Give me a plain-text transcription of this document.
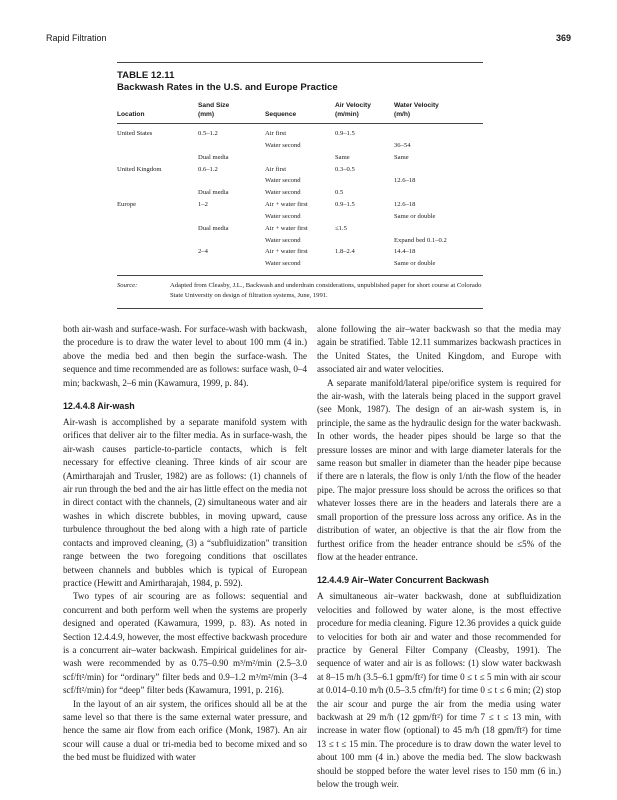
Rapid Filtration	369
TABLE 12.11
Backwash Rates in the U.S. and Europe Practice
	Sand Size		Air Velocity	Water Velocity
Location	(mm)	Sequence	(m/min)	(m/h)
United States	0.5–1.2	Air first	0.9–1.5	
		Water second		36–54
	Dual media		Same	Same
United Kingdom	0.6–1.2	Air first	0.3–0.5	
		Water second		12.6–18
	Dual media	Water second	0.5	
Europe	1–2	Air + water first	0.9–1.5	12.6–18
		Water second		Same or double
	Dual media	Air + water first	≤1.5	
		Water second		Expand bed 0.1–0.2
	2–4	Air + water first	1.8–2.4	14.4–18
		Water second		Same or double
Source:	Adapted from Cleasby, J.L., Backwash and underdrain considerations, unpublished paper for short course at Colorado State University on design of filtration systems, June, 1991.

both air-wash and surface-wash. For surface-wash with backwash, the procedure is to draw the water level to about 100 mm (4 in.) above the media bed and then begin the surface-wash. The sequence and time recommended are as follows: surface wash, 0–4 min; backwash, 2–6 min (Kawamura, 1999, p. 84).

12.4.4.8 Air-wash

Air-wash is accomplished by a separate manifold system with orifices that deliver air to the filter media. As in surface-wash, the air-wash causes particle-to-particle contacts, which is felt necessary for effective cleaning. Three kinds of air scour are (Amirtharajah and Trusler, 1982) are as follows: (1) channels of air run through the bed and the air has little effect on the media not in direct contact with the channels, (2) simultaneous water and air washes in which discrete bubbles, in moving upward, cause turbulence throughout the bed along with a high rate of particle contacts and improved cleaning, (3) a “subfluidization” transition range between the two foregoing conditions that oscillates between channels and bubbles which is typical of European practice (Hewitt and Amirtharajah, 1984, p. 592).

Two types of air scouring are as follows: sequential and concurrent and both perform well when the systems are properly designed and operated (Kawamura, 1999, p. 83). As noted in Section 12.4.4.9, however, the most effective backwash procedure is a concurrent air–water backwash. Empirical guidelines for air-wash were recommended by as 0.75–0.90 m³/m²/min (2.5–3.0 scf/ft²/min) for “ordinary” filter beds and 0.9–1.2 m³/m²/min (3–4 scf/ft²/min) for “deep” filter beds (Kawamura, 1991, p. 216).

In the layout of an air system, the orifices should all be at the same level so that there is the same external water pressure, and hence the same air flow from each orifice (Monk, 1987). An air scour will cause a dual or tri-media bed to become mixed and so the bed must be fluidized with water

alone following the air–water backwash so that the media may again be stratified. Table 12.11 summarizes backwash practices in the United States, the United Kingdom, and Europe with associated air and water velocities.

A separate manifold/lateral pipe/orifice system is required for the air-wash, with the laterals being placed in the support gravel (see Monk, 1987). The design of an air-wash system is, in principle, the same as the hydraulic design for the water backwash. In other words, the header pipes should be large so that the pressure losses are minor and with large diameter laterals for the same reason but smaller in diameter than the header pipe because if there are n laterals, the flow is only 1/nth the flow of the header pipe. The major pressure loss should be across the orifices so that whatever losses there are in the headers and laterals there are a small proportion of the pressure loss across any orifice. As in the distribution of water, an objective is that the air flow from the furthest orifice from the header entrance should be ≤5% of the flow at the header entrance.

12.4.4.9 Air–Water Concurrent Backwash

A simultaneous air–water backwash, done at subfluidization velocities and followed by water alone, is the most effective procedure for media cleaning. Figure 12.36 provides a quick guide to velocities for both air and water and those recommended for practice by General Filter Company (Cleasby, 1991). The sequence of water and air is as follows: (1) slow water backwash at 8–15 m/h (3.5–6.1 gpm/ft²) for time 0 ≤ t ≤ 5 min with air scour at 0.014–0.10 m/h (0.5–3.5 cfm/ft²) for time 0 ≤ t ≤ 6 min; (2) stop the air scour and purge the air from the media using water backwash at 29 m/h (12 gpm/ft²) for time 7 ≤ t ≤ 13 min, with increase in water flow (optional) to 45 m/h (18 gpm/ft²) for time 13 ≤ t ≤ 15 min. The procedure is to draw down the water level to about 100 mm (4 in.) above the media bed. The slow backwash should be stopped before the water level rises to 150 mm (6 in.) below the trough weir.
